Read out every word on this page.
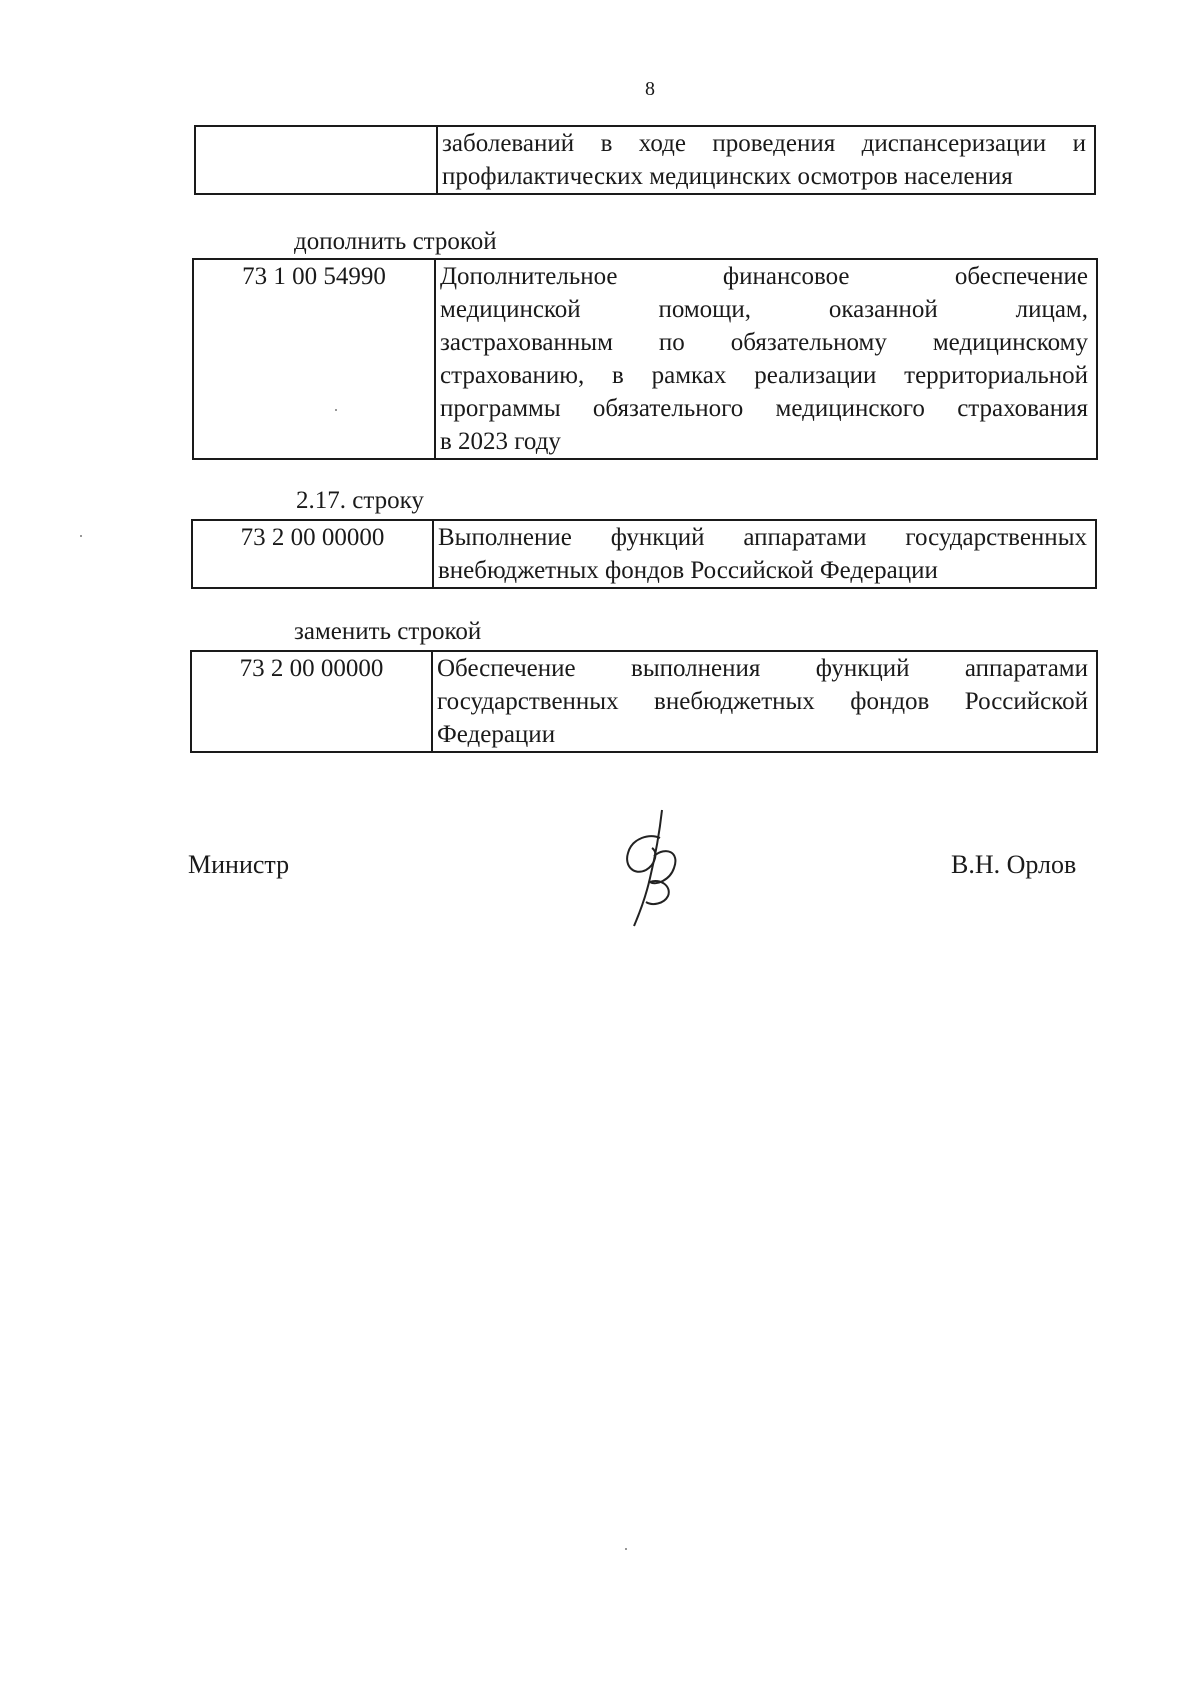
8

заболеваний в ходе проведения диспансеризации и
профилактических медицинских осмотров населения
дополнить строкой
73 1 00 54990	Дополнительное финансовое обеспечение
медицинской помощи, оказанной лицам,
застрахованным по обязательному медицинскому
страхованию, в рамках реализации территориальной
программы обязательного медицинского страхования
в 2023 году
2.17. строку
73 2 00 00000	Выполнение функций аппаратами государственных
внебюджетных фондов Российской Федерации
заменить строкой
73 2 00 00000	Обеспечение выполнения функций аппаратами
государственных внебюджетных фондов Российской
Федерации
Министр	В.Н. Орлов
